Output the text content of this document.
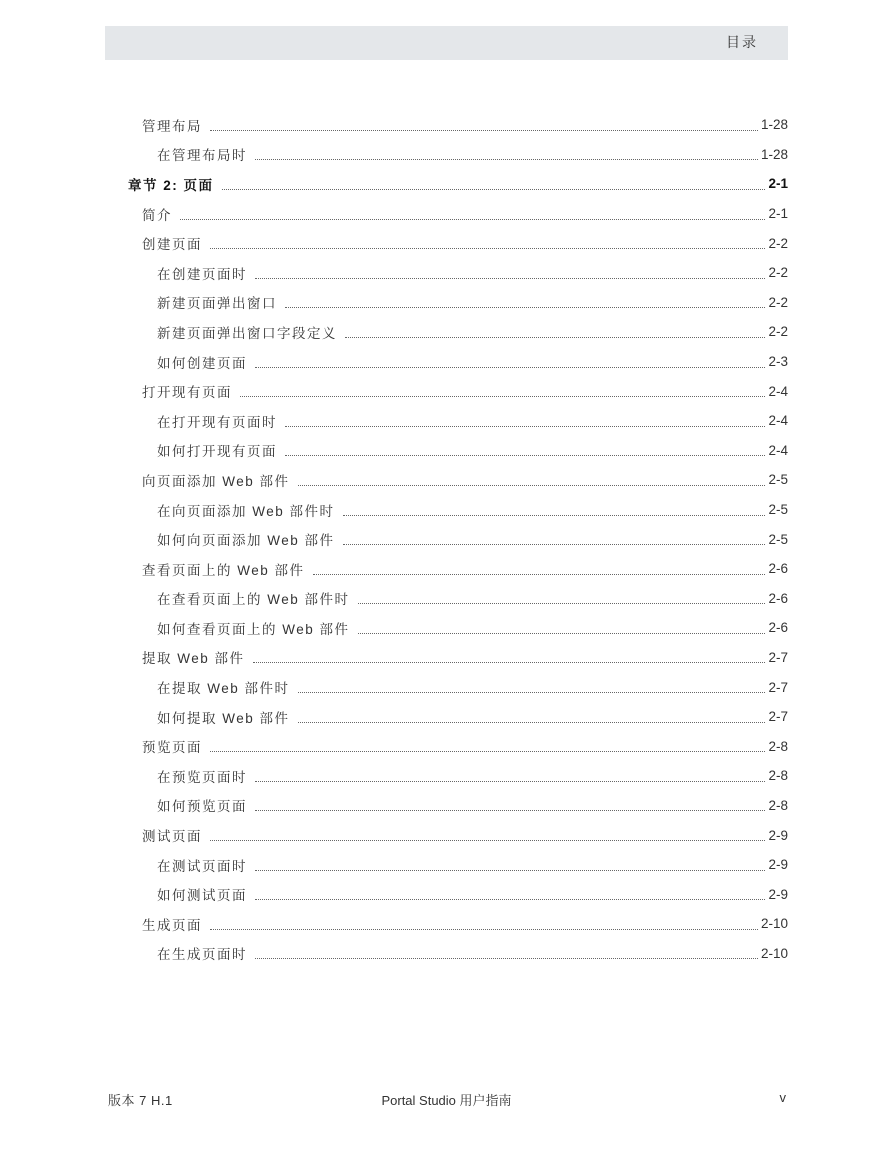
目录
管理布局	1-28
在管理布局时	1-28
章节 2: 页面	2-1
简介	2-1
创建页面	2-2
在创建页面时	2-2
新建页面弹出窗口	2-2
新建页面弹出窗口字段定义	2-2
如何创建页面	2-3
打开现有页面	2-4
在打开现有页面时	2-4
如何打开现有页面	2-4
向页面添加 Web 部件	2-5
在向页面添加 Web 部件时	2-5
如何向页面添加 Web 部件	2-5
查看页面上的 Web 部件	2-6
在查看页面上的 Web 部件时	2-6
如何查看页面上的 Web 部件	2-6
提取 Web 部件	2-7
在提取 Web 部件时	2-7
如何提取 Web 部件	2-7
预览页面	2-8
在预览页面时	2-8
如何预览页面	2-8
测试页面	2-9
在测试页面时	2-9
如何测试页面	2-9
生成页面	2-10
在生成页面时	2-10
版本 7 H.1	Portal Studio 用户指南	v
